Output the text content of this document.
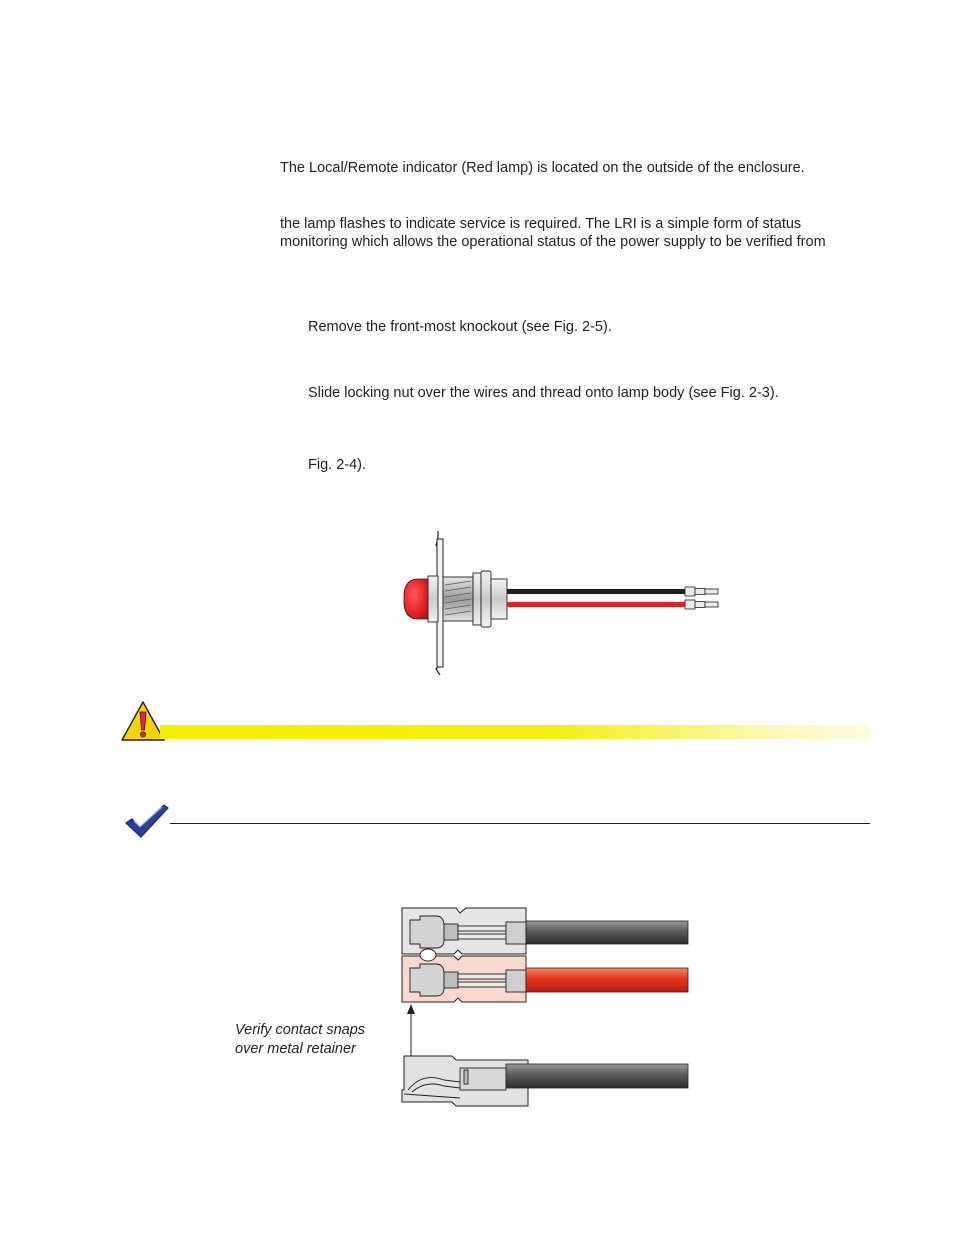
The Local/Remote indicator (Red lamp) is located on the outside of the enclosure.
the lamp flashes to indicate service is required. The LRI is a simple form of status
monitoring which allows the operational status of the power supply to be verified from
Remove the front-most knockout (see Fig. 2-5).
Slide locking nut over the wires and thread onto lamp body (see Fig. 2-3).
Fig. 2-4).
Verify contact snaps
over metal retainer
